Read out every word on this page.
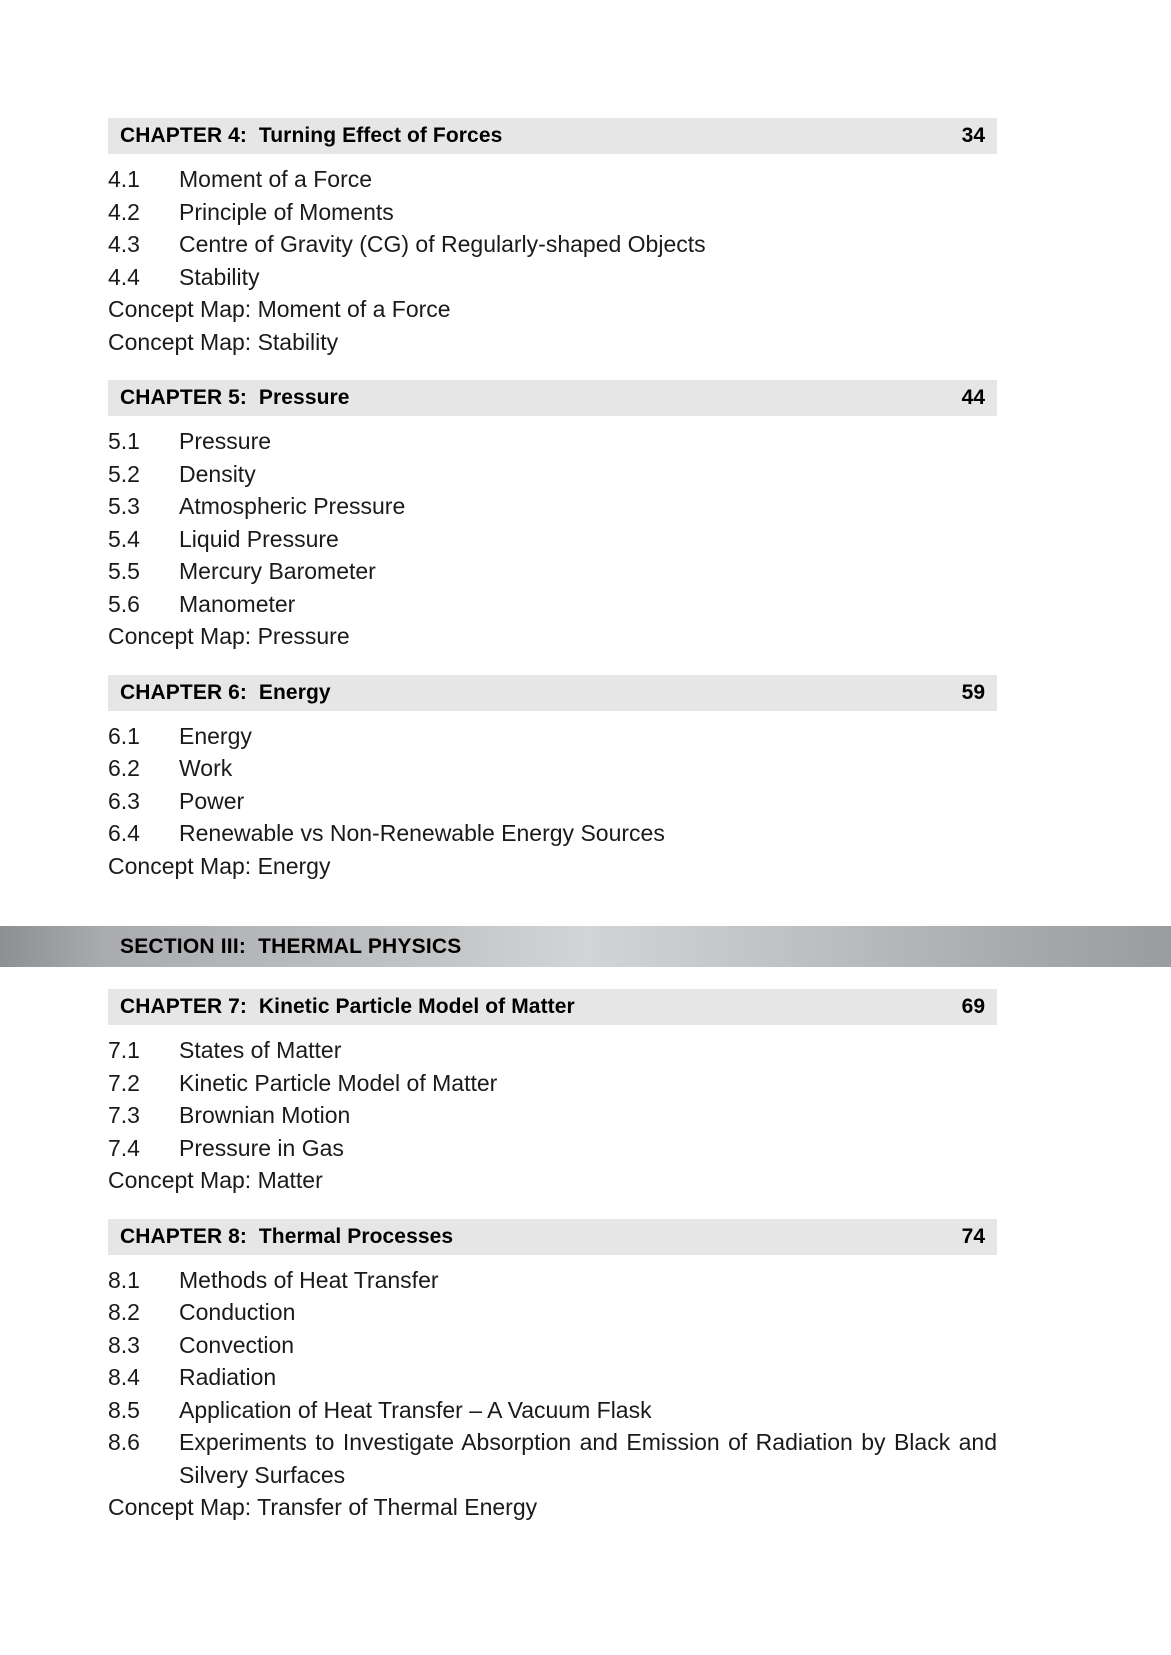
CHAPTER 4:  Turning Effect of Forces	34
4.1	Moment of a Force
4.2	Principle of Moments
4.3	Centre of Gravity (CG) of Regularly-shaped Objects
4.4	Stability
Concept Map: Moment of a Force
Concept Map: Stability
CHAPTER 5:  Pressure	44
5.1	Pressure
5.2	Density
5.3	Atmospheric Pressure
5.4	Liquid Pressure
5.5	Mercury Barometer
5.6	Manometer
Concept Map: Pressure
CHAPTER 6:  Energy	59
6.1	Energy
6.2	Work
6.3	Power
6.4	Renewable vs Non-Renewable Energy Sources
Concept Map: Energy
SECTION III:  THERMAL PHYSICS
CHAPTER 7:  Kinetic Particle Model of Matter	69
7.1	States of Matter
7.2	Kinetic Particle Model of Matter
7.3	Brownian Motion
7.4	Pressure in Gas
Concept Map: Matter
CHAPTER 8:  Thermal Processes	74
8.1	Methods of Heat Transfer
8.2	Conduction
8.3	Convection
8.4	Radiation
8.5	Application of Heat Transfer – A Vacuum Flask
8.6	Experiments to Investigate Absorption and Emission of Radiation by Black and Silvery Surfaces
Concept Map: Transfer of Thermal Energy
